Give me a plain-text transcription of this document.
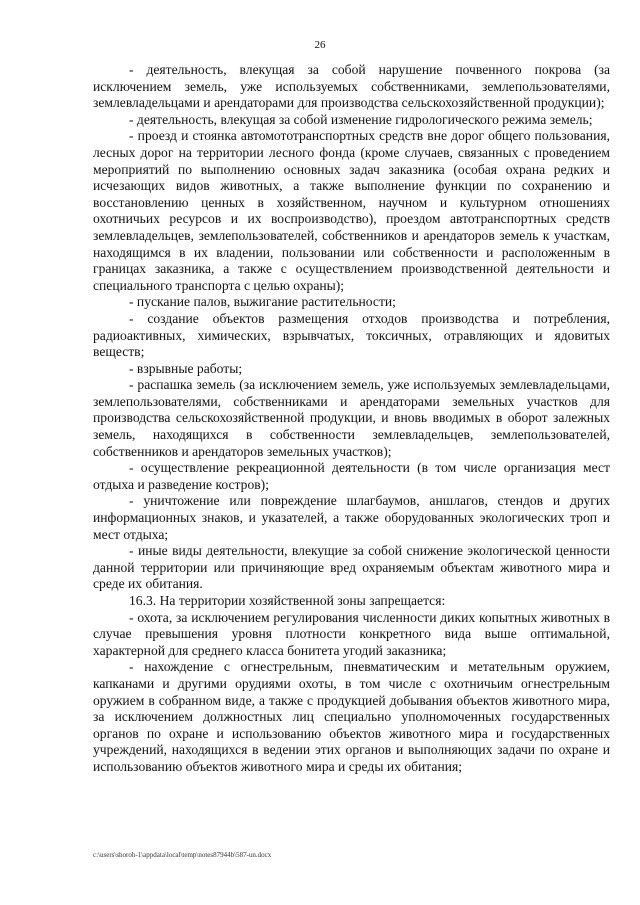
26

- деятельность, влекущая за собой нарушение почвенного покрова (за исключением земель, уже используемых собственниками, землепользователями, землевладельцами и арендаторами для производства сельскохозяйственной продукции);

- деятельность, влекущая за собой изменение гидрологического режима земель;

- проезд и стоянка автомототранспортных средств вне дорог общего пользования, лесных дорог на территории лесного фонда (кроме случаев, связанных с проведением мероприятий по выполнению основных задач заказника (особая охрана редких и исчезающих видов животных, а также выполнение функции по сохранению и восстановлению ценных в хозяйственном, научном и культурном отношениях охотничьих ресурсов и их воспроизводство), проездом автотранспортных средств землевладельцев, землепользователей, собственников и арендаторов земель к участкам, находящимся в их владении, пользовании или собственности и расположенным в границах заказника, а также с осуществлением производственной деятельности и специального транспорта с целью охраны);

- пускание палов, выжигание растительности;

- создание объектов размещения отходов производства и потребления, радиоактивных, химических, взрывчатых, токсичных, отравляющих и ядовитых веществ;

- взрывные работы;

- распашка земель (за исключением земель, уже используемых землевладельцами, землепользователями, собственниками и арендаторами земельных участков для производства сельскохозяйственной продукции, и вновь вводимых в оборот залежных земель, находящихся в собственности землевладельцев, землепользователей, собственников и арендаторов земельных участков);

- осуществление рекреационной деятельности (в том числе организация мест отдыха и разведение костров);

- уничтожение или повреждение шлагбаумов, аншлагов, стендов и других информационных знаков, и указателей, а также оборудованных экологических троп и мест отдыха;

- иные виды деятельности, влекущие за собой снижение экологической ценности данной территории или причиняющие вред охраняемым объектам животного мира и среде их обитания.

16.3. На территории хозяйственной зоны запрещается:

- охота, за исключением регулирования численности диких копытных животных в случае превышения уровня плотности конкретного вида выше оптимальной, характерной для среднего класса бонитета угодий заказника;

- нахождение с огнестрельным, пневматическим и метательным оружием, капканами и другими орудиями охоты, в том числе с охотничьим огнестрельным оружием в собранном виде, а также с продукцией добывания объектов животного мира, за исключением должностных лиц специально уполномоченных государственных органов по охране и использованию объектов животного мира и государственных учреждений, находящихся в ведении этих органов и выполняющих задачи по охране и использованию объектов животного мира и среды их обитания;

c:\users\shoroh-1\appdata\local\temp\notes87944b\587-un.docx
